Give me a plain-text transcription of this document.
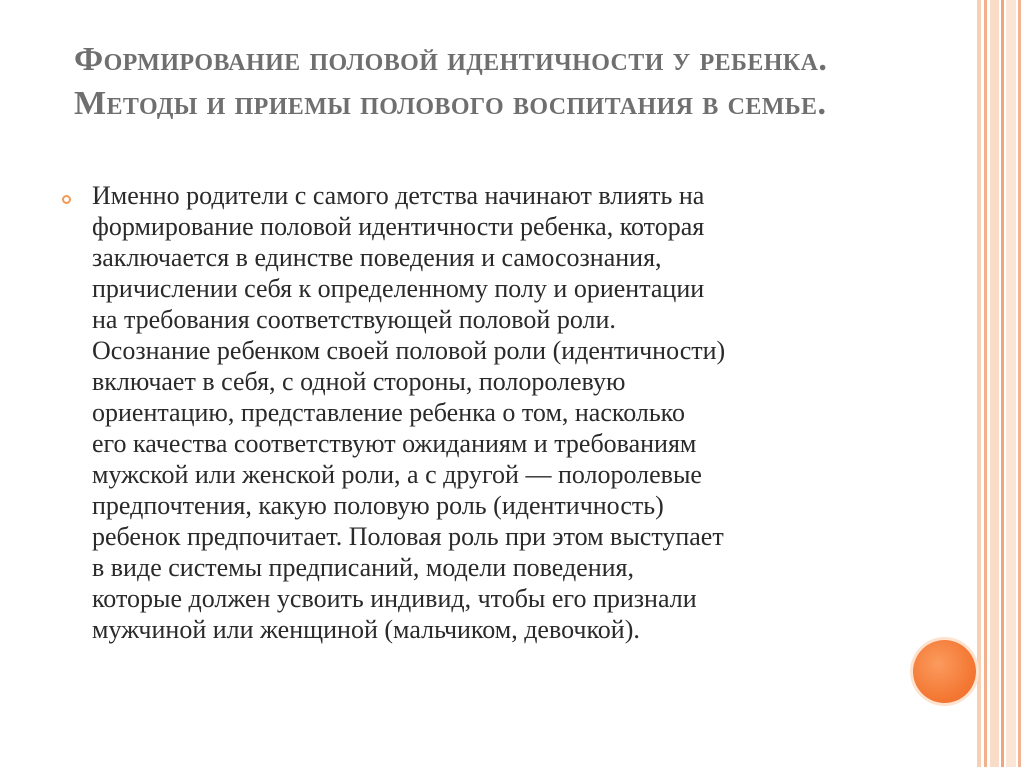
Формирование половой идентичности у ребенка. Методы и приемы полового воспитания в семье.

Именно родители с самого детства начинают влиять на
формирование половой идентичности ребенка, которая
заключается в единстве поведения и самосознания,
причислении себя к определенному полу и ориентации
на требования соответствующей половой роли.
Осознание ребенком своей половой роли (идентичности)
включает в себя, с одной стороны, полоролевую
ориентацию, представление ребенка о том, насколько
его качества соответствуют ожиданиям и требованиям
мужской или женской роли, а с другой — полоролевые
предпочтения, какую половую роль (идентичность)
ребенок предпочитает. Половая роль при этом выступает
в виде системы предписаний, модели поведения,
которые должен усвоить индивид, чтобы его признали
мужчиной или женщиной (мальчиком, девочкой).
